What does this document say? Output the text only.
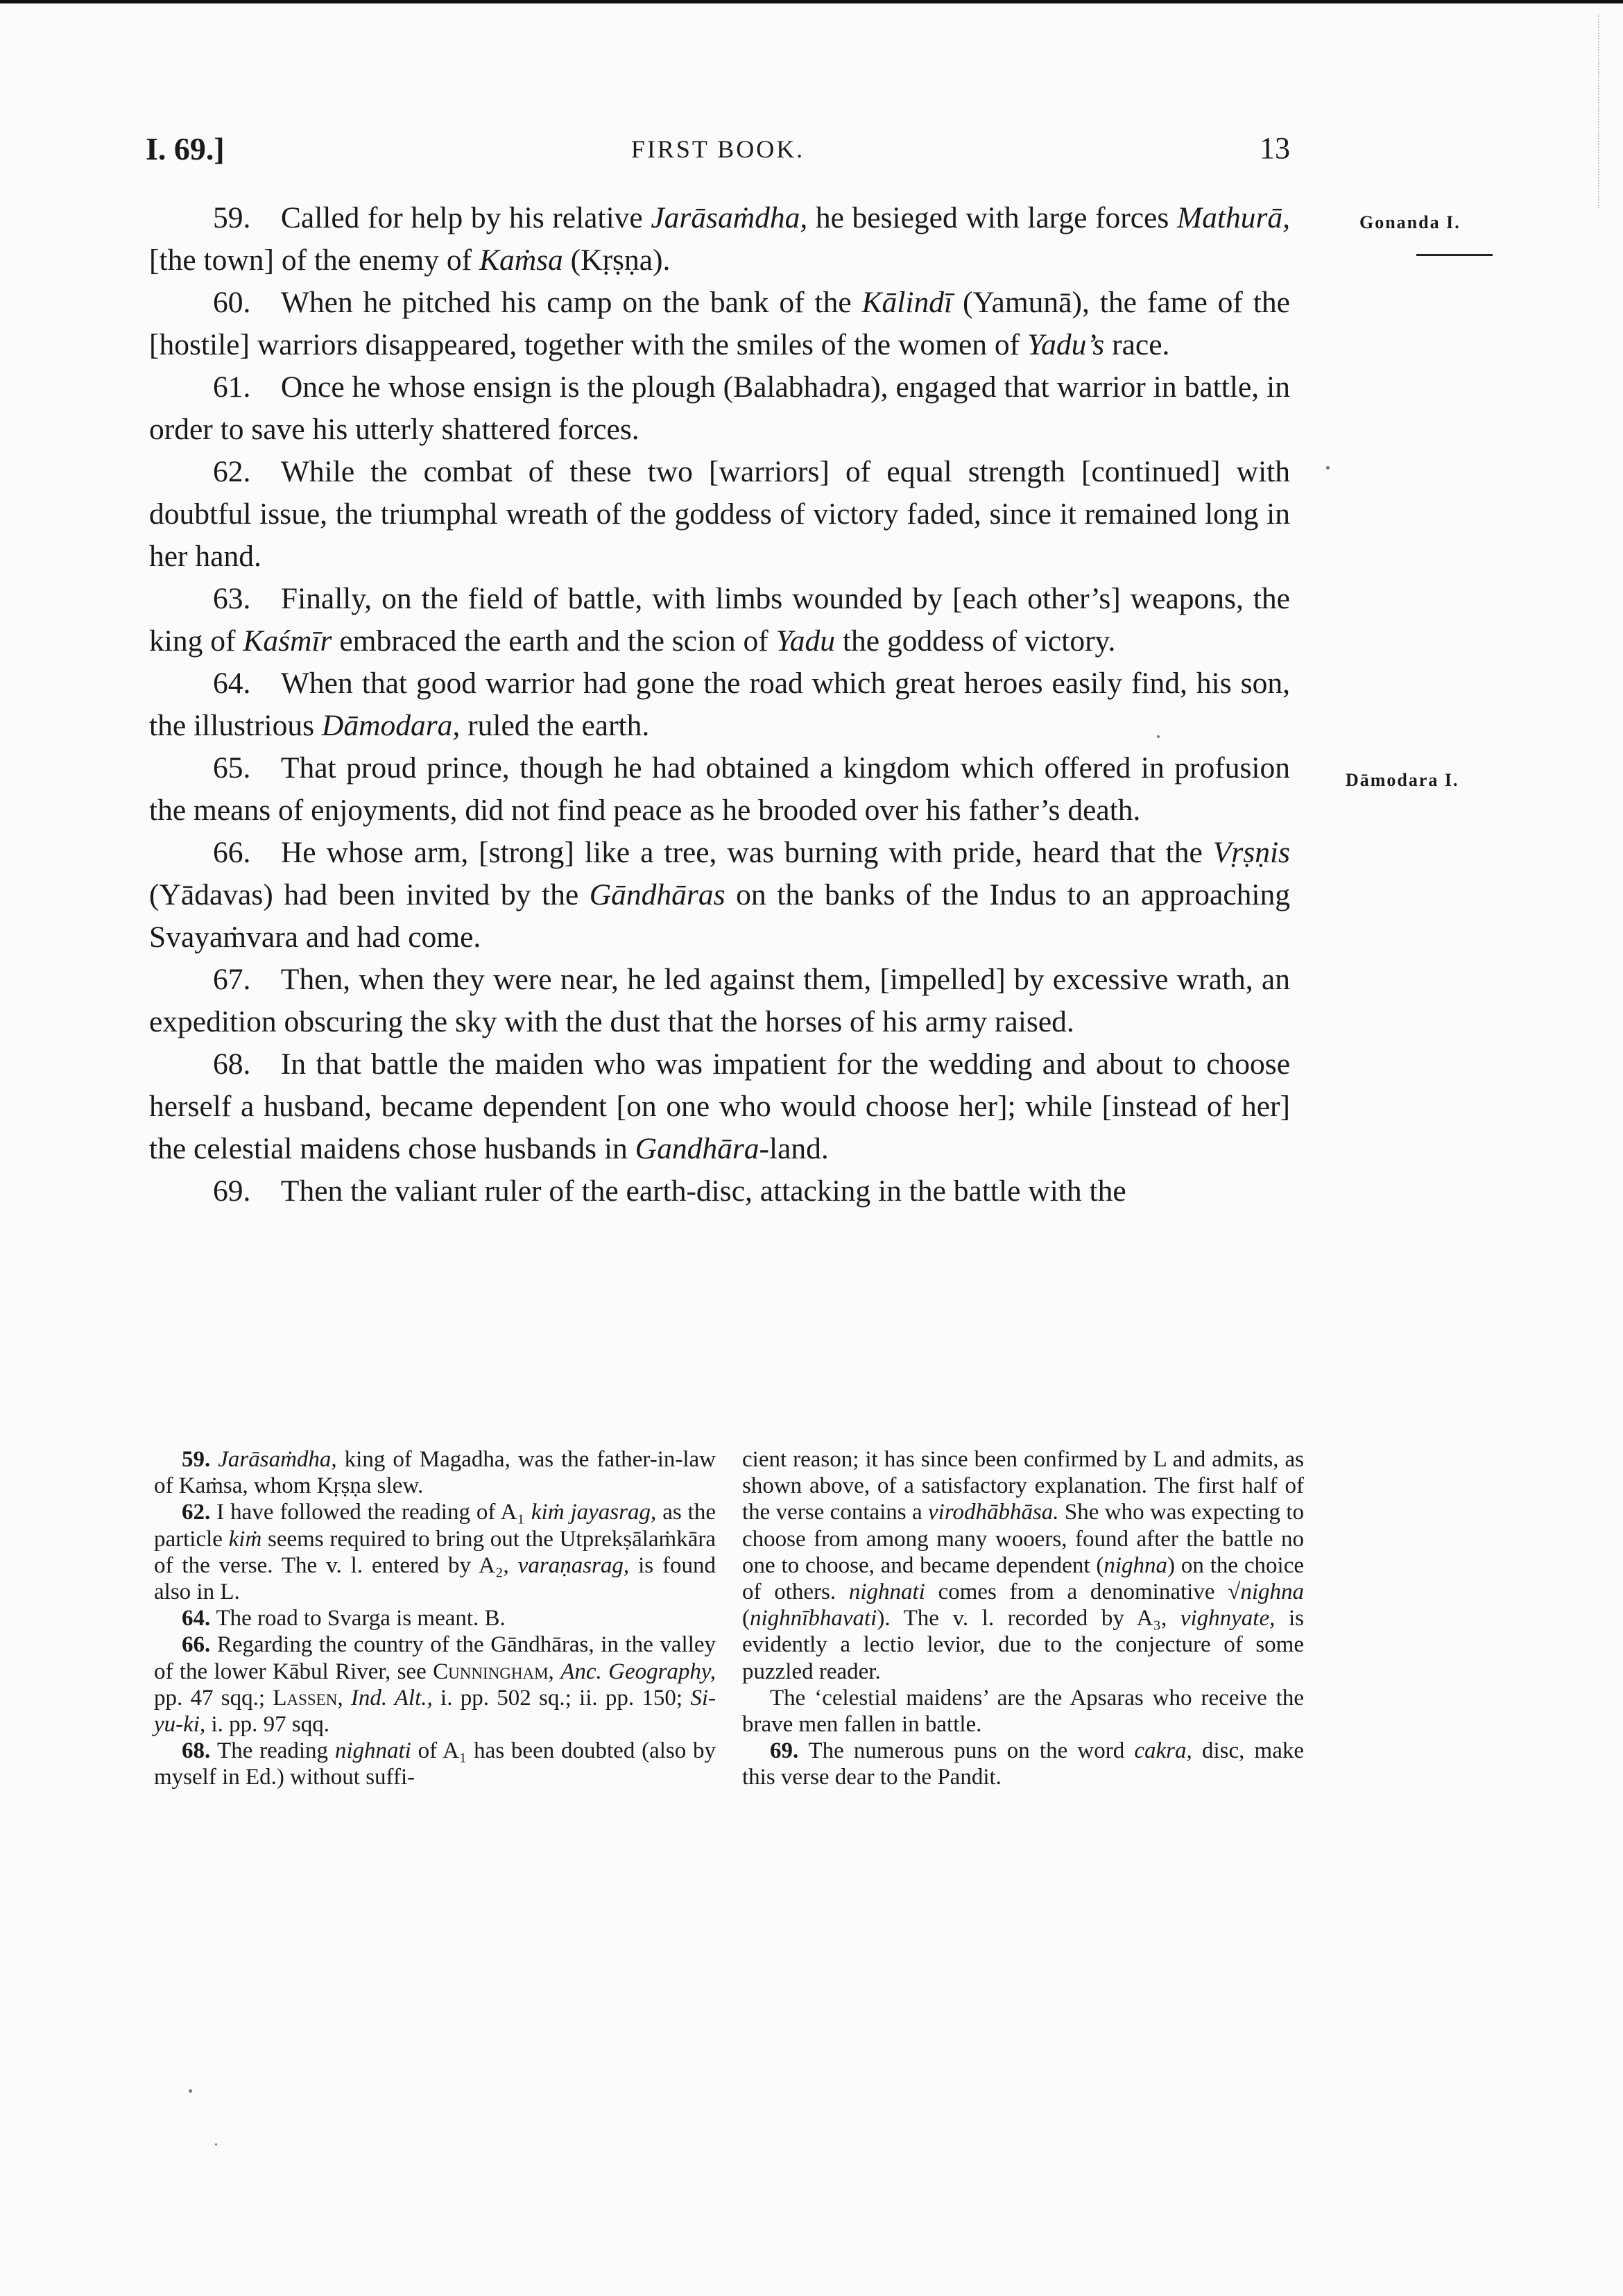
I. 69.]	FIRST BOOK.	13
Gonanda I.
Dāmodara I.

59. Called for help by his relative Jarāsaṁdha, he besieged with large forces Mathurā, [the town] of the enemy of Kaṁsa (Kṛṣṇa).

60. When he pitched his camp on the bank of the Kālindī (Yamunā), the fame of the [hostile] warriors disappeared, together with the smiles of the women of Yadu’s race.

61. Once he whose ensign is the plough (Balabhadra), engaged that warrior in battle, in order to save his utterly shattered forces.

62. While the combat of these two [warriors] of equal strength [continued] with doubtful issue, the triumphal wreath of the goddess of victory faded, since it remained long in her hand.

63. Finally, on the field of battle, with limbs wounded by [each other’s] weapons, the king of Kaśmīr embraced the earth and the scion of Yadu the goddess of victory.

64. When that good warrior had gone the road which great heroes easily find, his son, the illustrious Dāmodara, ruled the earth.

65. That proud prince, though he had obtained a kingdom which offered in profusion the means of enjoyments, did not find peace as he brooded over his father’s death.

66. He whose arm, [strong] like a tree, was burning with pride, heard that the Vṛṣṇis (Yādavas) had been invited by the Gāndhāras on the banks of the Indus to an approaching Svayaṁvara and had come.

67. Then, when they were near, he led against them, [impelled] by excessive wrath, an expedition obscuring the sky with the dust that the horses of his army raised.

68. In that battle the maiden who was impatient for the wedding and about to choose herself a husband, became dependent [on one who would choose her]; while [instead of her] the celestial maidens chose husbands in Gandhāra-land.

69. Then the valiant ruler of the earth-disc, attacking in the battle with the

59. Jarāsaṁdha, king of Magadha, was the father-in-law of Kaṁsa, whom Kṛṣṇa slew.

62. I have followed the reading of A₁ kiṁ jayasrag, as the particle kiṁ seems required to bring out the Utprekṣālaṁkāra of the verse. The v. l. entered by A₂, varaṇasrag, is found also in L.

64. The road to Svarga is meant. B.

66. Regarding the country of the Gāndhāras, in the valley of the lower Kābul River, see Cunningham, Anc. Geography, pp. 47 sqq.; Lassen, Ind. Alt., i. pp. 502 sq.; ii. pp. 150; Si-yu-ki, i. pp. 97 sqq.

68. The reading nighnati of A₁ has been doubted (also by myself in Ed.) without suffi-

cient reason; it has since been confirmed by L and admits, as shown above, of a satisfactory explanation. The first half of the verse contains a virodhābhāsa. She who was expecting to choose from among many wooers, found after the battle no one to choose, and became dependent (nighna) on the choice of others. nighnati comes from a denominative √nighna (nighnībhavati). The v. l. recorded by A₃, vighnyate, is evidently a lectio levior, due to the conjecture of some puzzled reader.

The ‘celestial maidens’ are the Apsaras who receive the brave men fallen in battle.

69. The numerous puns on the word cakra, disc, make this verse dear to the Pandit.
